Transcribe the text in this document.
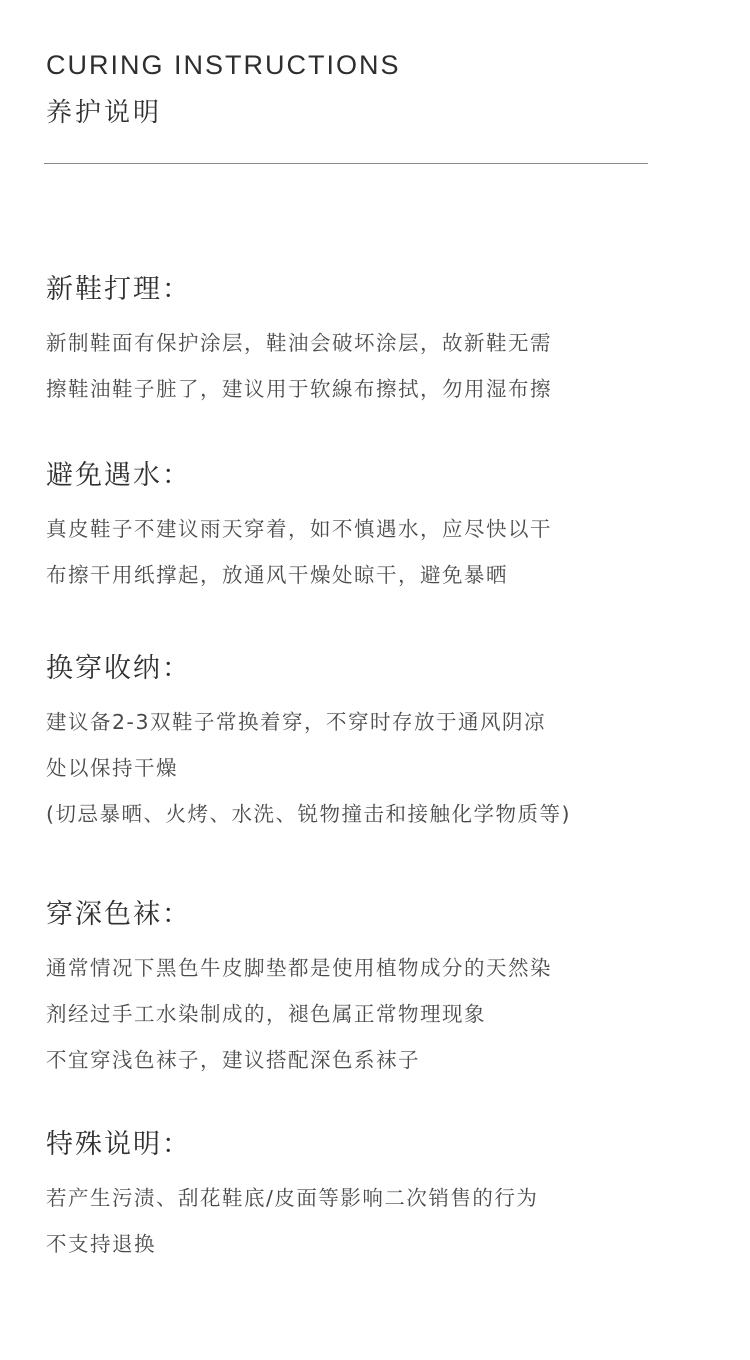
CURING INSTRUCTIONS
养护说明
新鞋打理：
新制鞋面有保护涂层，鞋油会破坏涂层，故新鞋无需
擦鞋油鞋子脏了，建议用于软線布擦拭，勿用湿布擦
避免遇水：
真皮鞋子不建议雨天穿着，如不慎遇水，应尽快以干
布擦干用纸撑起，放通风干燥处晾干，避免暴晒
换穿收纳：
建议备2-3双鞋子常换着穿，不穿时存放于通风阴凉
处以保持干燥
(切忌暴晒、火烤、水洗、锐物撞击和接触化学物质等)
穿深色袜：
通常情况下黑色牛皮脚垫都是使用植物成分的天然染
剂经过手工水染制成的，褪色属正常物理现象
不宜穿浅色袜子，建议搭配深色系袜子
特殊说明：
若产生污渍、刮花鞋底/皮面等影响二次销售的行为
不支持退换
